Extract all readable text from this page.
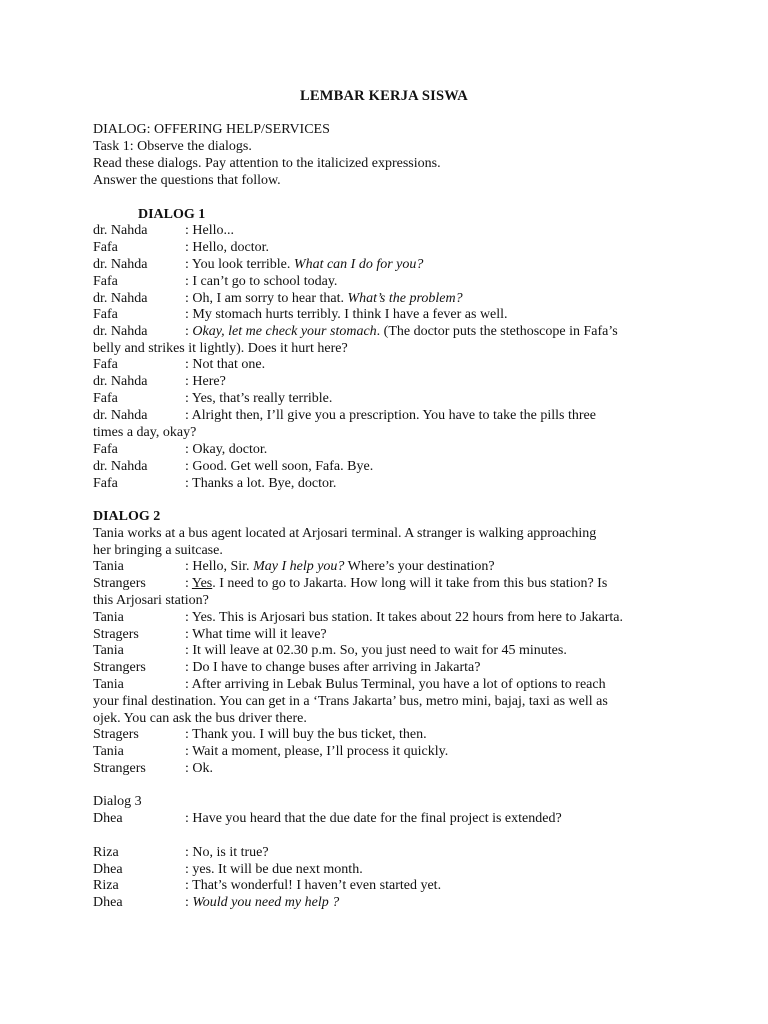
LEMBAR KERJA SISWA
DIALOG: OFFERING HELP/SERVICES
Task 1: Observe the dialogs.
Read these dialogs. Pay attention to the italicized expressions.
Answer the questions that follow.
DIALOG 1
dr. Nahda	: Hello...
Fafa	: Hello, doctor.
dr. Nahda	: You look terrible. What can I do for you?
Fafa	: I can’t go to school today.
dr. Nahda	: Oh, I am sorry to hear that. What’s the problem?
Fafa	: My stomach hurts terribly. I think I have a fever as well.
dr. Nahda	: Okay, let me check your stomach. (The doctor puts the stethoscope in Fafa’s
belly and strikes it lightly). Does it hurt here?
Fafa	: Not that one.
dr. Nahda	: Here?
Fafa	: Yes, that’s really terrible.
dr. Nahda	: Alright then, I’ll give you a prescription. You have to take the pills three
times a day, okay?
Fafa	: Okay, doctor.
dr. Nahda	: Good. Get well soon, Fafa. Bye.
Fafa	: Thanks a lot. Bye, doctor.
DIALOG 2
Tania works at a bus agent located at Arjosari terminal. A stranger is walking approaching
her bringing a suitcase.
Tania	: Hello, Sir. May I help you? Where’s your destination?
Strangers	: Yes. I need to go to Jakarta. How long will it take from this bus station? Is
this Arjosari station?
Tania	: Yes. This is Arjosari bus station. It takes about 22 hours from here to Jakarta.
Stragers	: What time will it leave?
Tania	: It will leave at 02.30 p.m. So, you just need to wait for 45 minutes.
Strangers	: Do I have to change buses after arriving in Jakarta?
Tania	: After arriving in Lebak Bulus Terminal, you have a lot of options to reach
your final destination. You can get in a ‘Trans Jakarta’ bus, metro mini, bajaj, taxi as well as
ojek. You can ask the bus driver there.
Stragers	: Thank you. I will buy the bus ticket, then.
Tania	: Wait a moment, please, I’ll process it quickly.
Strangers	: Ok.
Dialog 3
Dhea	: Have you heard that the due date for the final project is extended?
Riza	: No, is it true?
Dhea	: yes. It will be due next month.
Riza	: That’s wonderful! I haven’t even started yet.
Dhea	: Would you need my help ?
